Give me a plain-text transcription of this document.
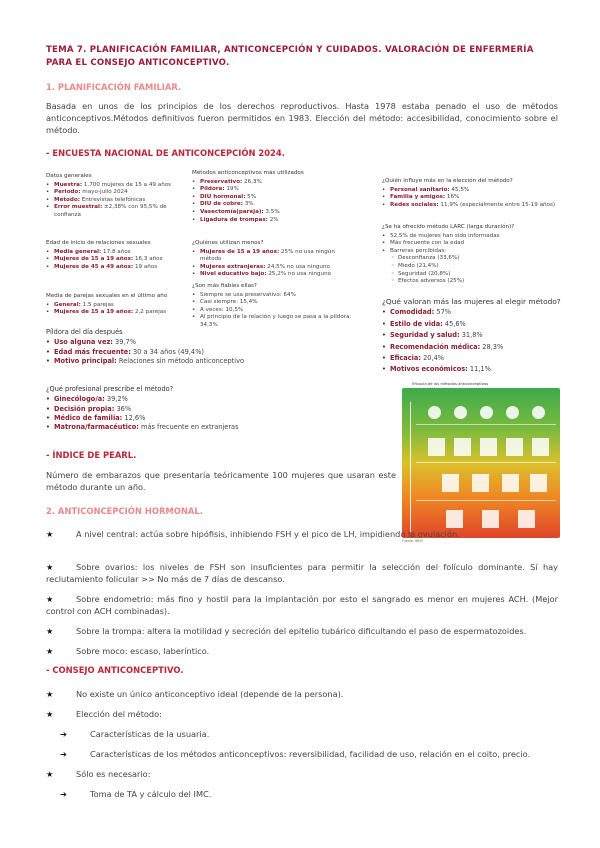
TEMA 7. PLANIFICACIÓN FAMILIAR, ANTICONCEPCIÓN Y CUIDADOS. VALORACIÓN DE ENFERMERÍA PARA EL CONSEJO ANTICONCEPTIVO.
1. PLANIFICACIÓN FAMILIAR.
Basada en unos de los principios de los derechos reproductivos. Hasta 1978 estaba penado el uso de métodos anticonceptivos.Métodos definitivos fueron permitidos en 1983. Elección del método: accesibilidad, conocimiento sobre el método.
- ENCUESTA NACIONAL DE ANTICONCEPCIÓN 2024.
Datos generales
• Muestra: 1.700 mujeres de 15 a 49 años
• Periodo: mayo-julio 2024
• Método: Entrevistas telefónicas
• Error muestral: ±2,38% con 95,5% de confianza
Edad de inicio de relaciones sexuales
• Media general: 17,8 años
• Mujeres de 15 a 19 años: 16,3 años
• Mujeres de 45 a 49 años: 19 años
Media de parejas sexuales en el último año
• General: 1,5 parejas
• Mujeres de 15 a 19 años: 2,2 parejas
Píldora del día después
• Uso alguna vez: 39,7%
• Edad más frecuente: 30 a 34 años (49,4%)
• Motivo principal: Relaciones sin método anticonceptivo
¿Qué profesional prescribe el método?
• Ginecólogo/a: 39,2%
• Decisión propia: 36%
• Médico de familia: 12,6%
• Matrona/farmacéutico: más frecuente en extranjeras
Métodos anticonceptivos más utilizados
• Preservativo: 26,3%
• Píldora: 19%
• DIU hormonal: 5%
• DIU de cobre: 3%
• Vasectomía(pareja): 3,5%
• Ligadura de trompas: 2%
¿Quiénes utilizan menos?
• Mujeres de 15 a 19 años: 25% no usa ningún método
• Mujeres extranjeras: 24,5% no usa ninguno
• Nivel educativo bajo: 25,2% no usa ninguno
¿Son más fiables ellas?
• Siempre se usa preservativo: 64%
• Casi siempre: 15,4%
• A veces: 10,5%
• Al principio de la relación y luego se pasa a la píldora: 34,3%
¿Quién influye más en la elección del método?
• Personal sanitario: 45,5%
• Familia y amigos: 16%
• Redes sociales: 11,9% (especialmente entre 15-19 años)
¿Se ha ofrecido método LARC (larga duración)?
• 52,5% de mujeres han sido informadas
• Más frecuente con la edad
• Barreras percibidas:
◦ Desconfianza (33,6%)
◦ Miedo (21,4%)
◦ Seguridad (20,8%)
◦ Efectos adversos (25%)
¿Qué valoran más las mujeres al elegir método?
• Comodidad: 57%
• Estilo de vida: 45,6%
• Seguridad y salud: 31,8%
• Recomendación médica: 28,3%
• Eficacia: 20,4%
• Motivos económicos: 11,1%
Eficacia de los métodos anticonceptivos
Fuente: WHO
- ÍNDICE DE PEARL.
Número de embarazos que presentaría teóricamente 100 mujeres que usaran este método durante un año.
2. ANTICONCEPCIÓN HORMONAL.
★	A nivel central: actúa sobre hipófisis, inhibiendo FSH y el pico de LH, impidiendo la ovulación.
★	Sobre ovarios: los niveles de FSH son insuficientes para permitir la selección del folículo dominante. Sí hay reclutamiento folicular >> No más de 7 días de descanso.
★	Sobre endometrio: más fino y hostil para la implantación por esto el sangrado es menor en mujeres ACH. (Mejor control con ACH combinadas).
★	Sobre la trompa: altera la motilidad y secreción del epitelio tubárico dificultando el paso de espermatozoides.
★	Sobre moco: escaso, laberíntico.
- CONSEJO ANTICONCEPTIVO.
★	No existe un único anticonceptivo ideal (depende de la persona).
★	Elección del método:
➔	Características de la usuaria.
➔	Características de los métodos anticonceptivos: reversibilidad, facilidad de uso, relación en el coito, precio.
★	Sólo es necesario:
➔	Toma de TA y cálculo del IMC.
